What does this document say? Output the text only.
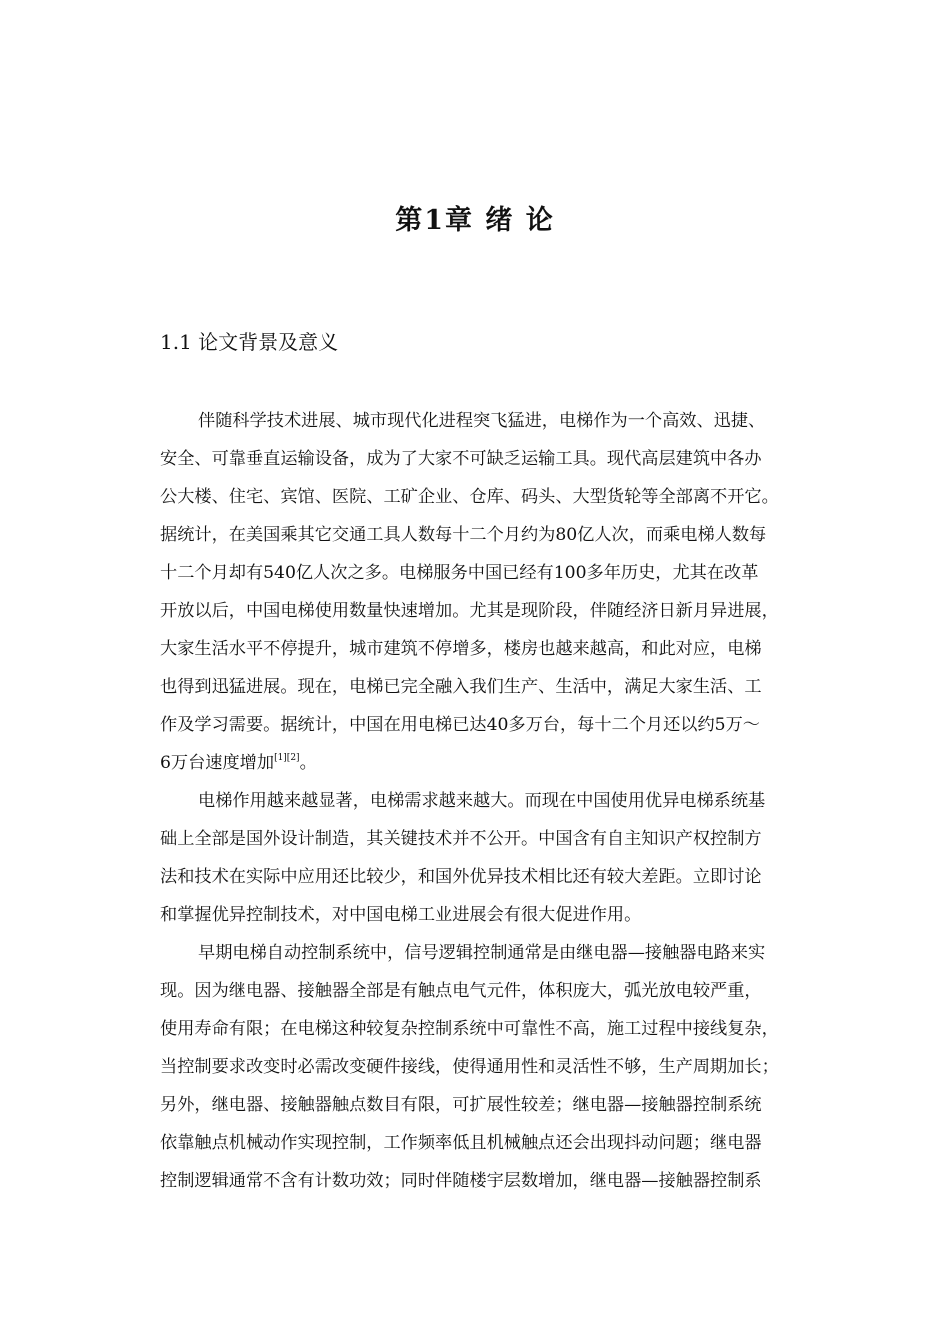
第1章 绪 论
1.1 论文背景及意义
伴随科学技术进展、城市现代化进程突飞猛进，电梯作为一个高效、迅捷、
安全、可靠垂直运输设备，成为了大家不可缺乏运输工具。现代高层建筑中各办
公大楼、住宅、宾馆、医院、工矿企业、仓库、码头、大型货轮等全部离不开它。
据统计，在美国乘其它交通工具人数每十二个月约为80亿人次，而乘电梯人数每
十二个月却有540亿人次之多。电梯服务中国已经有100多年历史，尤其在改革
开放以后，中国电梯使用数量快速增加。尤其是现阶段，伴随经济日新月异进展，
大家生活水平不停提升，城市建筑不停增多，楼房也越来越高，和此对应，电梯
也得到迅猛进展。现在，电梯已完全融入我们生产、生活中，满足大家生活、工
作及学习需要。据统计，中国在用电梯已达40多万台，每十二个月还以约5万～
6万台速度增加[1][2]。
电梯作用越来越显著，电梯需求越来越大。而现在中国使用优异电梯系统基
础上全部是国外设计制造，其关键技术并不公开。中国含有自主知识产权控制方
法和技术在实际中应用还比较少，和国外优异技术相比还有较大差距。立即讨论
和掌握优异控制技术，对中国电梯工业进展会有很大促进作用。
早期电梯自动控制系统中，信号逻辑控制通常是由继电器—接触器电路来实
现。因为继电器、接触器全部是有触点电气元件，体积庞大，弧光放电较严重，
使用寿命有限；在电梯这种较复杂控制系统中可靠性不高，施工过程中接线复杂，
当控制要求改变时必需改变硬件接线，使得通用性和灵活性不够，生产周期加长；
另外，继电器、接触器触点数目有限，可扩展性较差；继电器—接触器控制系统
依靠触点机械动作实现控制，工作频率低且机械触点还会出现抖动问题；继电器
控制逻辑通常不含有计数功效；同时伴随楼宇层数增加，继电器—接触器控制系
